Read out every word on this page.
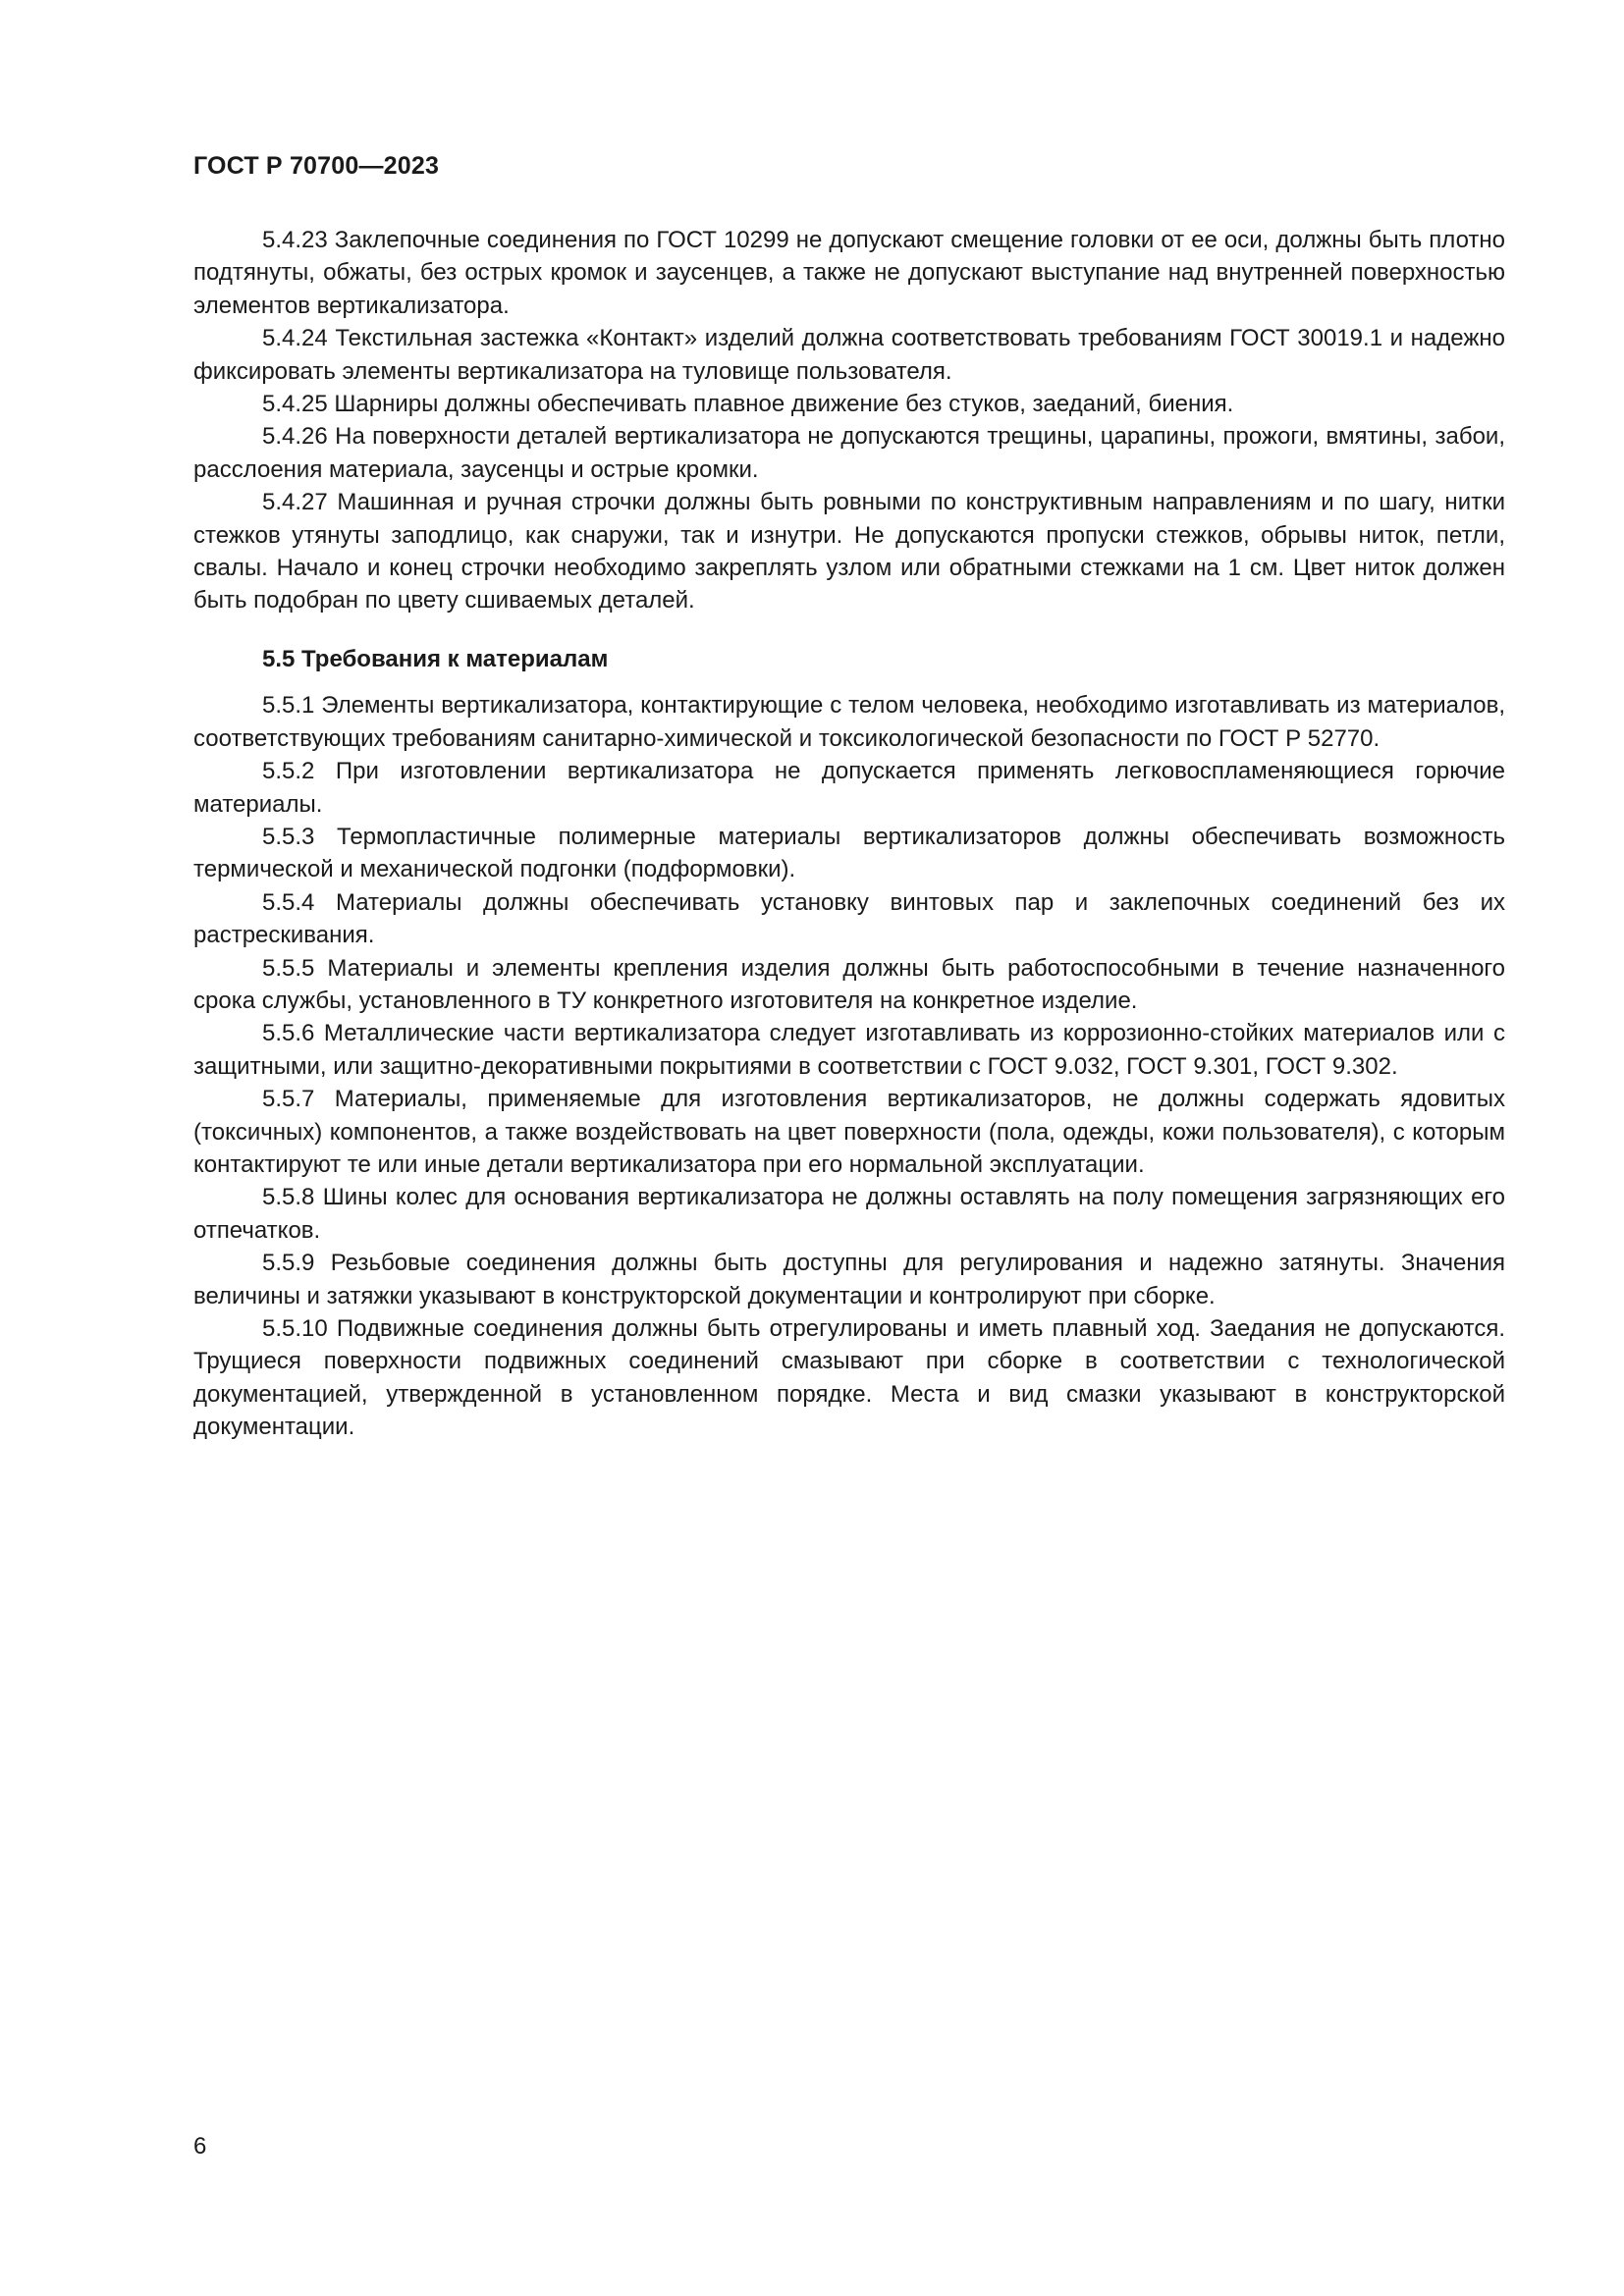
ГОСТ Р 70700—2023

5.4.23 Заклепочные соединения по ГОСТ 10299 не допускают смещение головки от ее оси, должны быть плотно подтянуты, обжаты, без острых кромок и заусенцев, а также не допускают выступание над внутренней поверхностью элементов вертикализатора.

5.4.24 Текстильная застежка «Контакт» изделий должна соответствовать требованиям ГОСТ 30019.1 и надежно фиксировать элементы вертикализатора на туловище пользователя.

5.4.25 Шарниры должны обеспечивать плавное движение без стуков, заеданий, биения.

5.4.26 На поверхности деталей вертикализатора не допускаются трещины, царапины, прожоги, вмятины, забои, расслоения материала, заусенцы и острые кромки.

5.4.27 Машинная и ручная строчки должны быть ровными по конструктивным направлениям и по шагу, нитки стежков утянуты заподлицо, как снаружи, так и изнутри. Не допускаются пропуски стежков, обрывы ниток, петли, свалы. Начало и конец строчки необходимо закреплять узлом или обратными стежками на 1 см. Цвет ниток должен быть подобран по цвету сшиваемых деталей.

5.5 Требования к материалам

5.5.1 Элементы вертикализатора, контактирующие с телом человека, необходимо изготавливать из материалов, соответствующих требованиям санитарно-химической и токсикологической безопасности по ГОСТ Р 52770.

5.5.2 При изготовлении вертикализатора не допускается применять легковоспламеняющиеся горючие материалы.

5.5.3 Термопластичные полимерные материалы вертикализаторов должны обеспечивать возможность термической и механической подгонки (подформовки).

5.5.4 Материалы должны обеспечивать установку винтовых пар и заклепочных соединений без их растрескивания.

5.5.5 Материалы и элементы крепления изделия должны быть работоспособными в течение назначенного срока службы, установленного в ТУ конкретного изготовителя на конкретное изделие.

5.5.6 Металлические части вертикализатора следует изготавливать из коррозионно-стойких материалов или с защитными, или защитно-декоративными покрытиями в соответствии с ГОСТ 9.032, ГОСТ 9.301, ГОСТ 9.302.

5.5.7 Материалы, применяемые для изготовления вертикализаторов, не должны содержать ядовитых (токсичных) компонентов, а также воздействовать на цвет поверхности (пола, одежды, кожи пользователя), с которым контактируют те или иные детали вертикализатора при его нормальной эксплуатации.

5.5.8 Шины колес для основания вертикализатора не должны оставлять на полу помещения загрязняющих его отпечатков.

5.5.9 Резьбовые соединения должны быть доступны для регулирования и надежно затянуты. Значения величины и затяжки указывают в конструкторской документации и контролируют при сборке.

5.5.10 Подвижные соединения должны быть отрегулированы и иметь плавный ход. Заедания не допускаются. Трущиеся поверхности подвижных соединений смазывают при сборке в соответствии с технологической документацией, утвержденной в установленном порядке. Места и вид смазки указывают в конструкторской документации.

6
